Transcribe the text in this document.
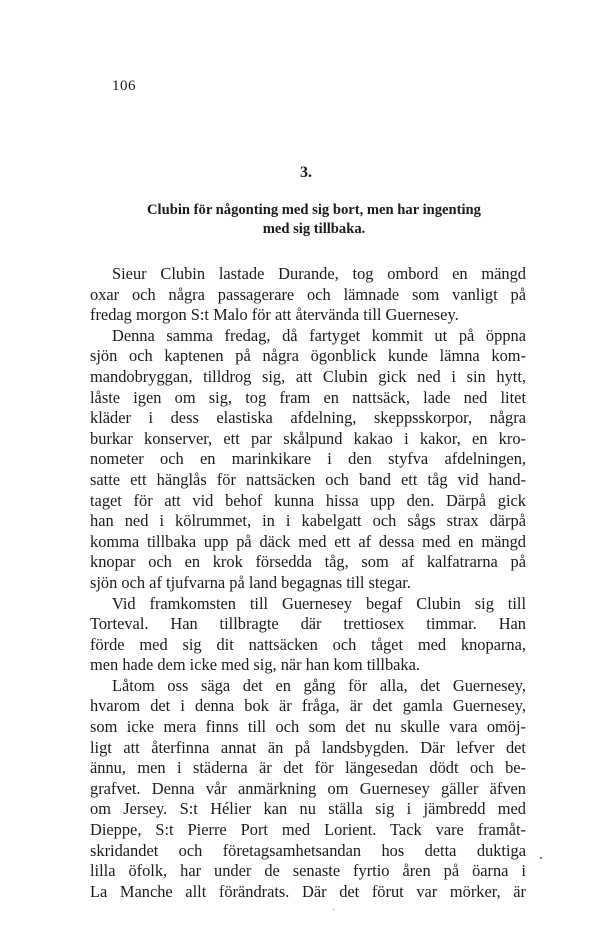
106
3.
Clubin för någonting med sig bort, men har ingenting
med sig tillbaka.
Sieur Clubin lastade Durande, tog ombord en mängd
oxar och några passagerare och lämnade som vanligt på
fredag morgon S:t Malo för att återvända till Guernesey.
Denna samma fredag, då fartyget kommit ut på öppna
sjön och kaptenen på några ögonblick kunde lämna kom-
mandobryggan, tilldrog sig, att Clubin gick ned i sin hytt,
låste igen om sig, tog fram en nattsäck, lade ned litet
kläder i dess elastiska afdelning, skeppsskorpor, några
burkar konserver, ett par skålpund kakao i kakor, en kro-
nometer och en marinkikare i den styfva afdelningen,
satte ett hänglås för nattsäcken och band ett tåg vid hand-
taget för att vid behof kunna hissa upp den. Därpå gick
han ned i kölrummet, in i kabelgatt och sågs strax därpå
komma tillbaka upp på däck med ett af dessa med en mängd
knopar och en krok försedda tåg, som af kalfatrarna på
sjön och af tjufvarna på land begagnas till stegar.
Vid framkomsten till Guernesey begaf Clubin sig till
Torteval. Han tillbragte där trettiosex timmar. Han
förde med sig dit nattsäcken och tåget med knoparna,
men hade dem icke med sig, när han kom tillbaka.
Låtom oss säga det en gång för alla, det Guernesey,
hvarom det i denna bok är fråga, är det gamla Guernesey,
som icke mera finns till och som det nu skulle vara omöj-
ligt att återfinna annat än på landsbygden. Där lefver det
ännu, men i städerna är det för längesedan dödt och be-
grafvet. Denna vår anmärkning om Guernesey gäller äfven
om Jersey. S:t Hélier kan nu ställa sig i jämbredd med
Dieppe, S:t Pierre Port med Lorient. Tack vare framåt-
skridandet och företagsamhetsandan hos detta duktiga
lilla öfolk, har under de senaste fyrtio åren på öarna i
La Manche allt förändrats. Där det förut var mörker, är
